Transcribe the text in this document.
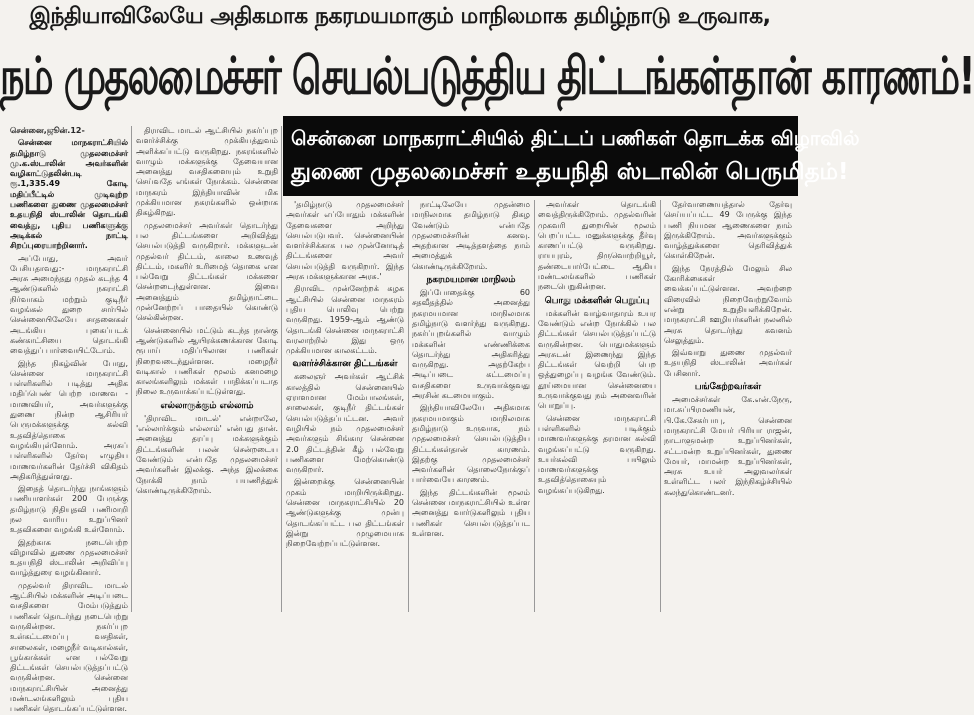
இந்தியாவிலேயே அதிகமாக நகரமயமாகும் மாநிலமாக தமிழ்நாடு உருவாக,
நம் முதலமைச்சர் செயல்படுத்திய திட்டங்கள்தான் காரணம்!
சென்னை மாநகராட்சியில் திட்டப் பணிகள் தொடக்க விழாவில்
துணை முதலமைச்சர் உதயநிதி ஸ்டாலின் பெருமிதம்!

சென்னை,ஜூன்.12-

சென்னை மாநகராட்சியில் தமிழ்நாடு முதலமைச்சர் மு.க.ஸ்டாலின் அவர்களின் வழிகாட்டுதலின்படி ரூ.1,335.49 கோடி மதிப்பீட்டில் முடிவுற்ற பணிகளை துணை முதலமைச்சர் உதயநிதி ஸ்டாலின் தொடங்கி வைத்து, புதிய பணிகளுக்கு அடிக்கல் நாட்டி சிறப்புரையாற்றினார்.

அப்போது, அவர் பேசியதாவது:- மாநகராட்சி அரசு அமைந்தது முதல் கடந்த 4 ஆண்டுகளில் நகராட்சி நிர்வாகம் மற்றும் குடிநீர் வழங்கல் துறை சார்பில் சென்னையிலேயே சாதனைகள் அடங்கிய புகைப்படக் கண்காட்சியை தொடங்கி வைத்துப் பார்வையிட்டோம்.

இந்த நிகழ்வின் போது, சென்னை மாநகராட்சி பள்ளிகளில் படித்து அதிக மதிப்பெண் பெற்ற மாணவ - மாணவியர், அவர்களுக்கு துணை நின்ற ஆசிரியர் பெருமக்களுக்கு கல்வி உதவித்தொகை வழங்கியுள்ளோம். அரசுப் பள்ளிகளில் தேர்வு எழுதிய மாணவர்களின் தேர்ச்சி விகிதம் அதிகரித்துள்ளது.

இதைத் தொடர்ந்து நாங்களும் பணியாளர்கள் 200 பேருக்கு தமிழ்நாடு நிதியுதவி பணிமாறி நல வாரிய உறுப்பினர் உதவிகளை வழங்கி உள்ளோம்.

இதற்காக நடைபெற்ற விழாவில் துணை முதலமைச்சர் உதயநிதி ஸ்டாலின் அறிவிப்பு வாழ்த்துரை வழங்கினார்.

முதல்வர் திராவிட மாடல் ஆட்சியில் மக்களின் அடிப்படை வசதிகளை மேம்படுத்தும் பணிகள் தொடர்ந்து நடைபெற்று வருகின்றன. நகர்ப்புற உள்கட்டமைப்பு வசதிகள், சாலைகள், மழைநீர் வடிகால்கள், பூங்காக்கள் என பல்வேறு திட்டங்கள் செயல்படுத்தப்பட்டு வருகின்றன. சென்னை மாநகராட்சியின் அனைத்து மண்டலங்களிலும் புதிய பணிகள் தொடங்கப்பட்டுள்ளன.

திராவிட மாடல் ஆட்சியில் நகர்ப்புற வளர்ச்சிக்கு முக்கியத்துவம் அளிக்கப்பட்டு வருகிறது. நகரங்களில் வாழும் மக்களுக்கு தேவையான அனைத்து வசதிகளையும் உறுதி செய்வதே எங்கள் நோக்கம். சென்னை மாநகரம் இந்தியாவின் மிக முக்கியமான நகரங்களில் ஒன்றாக திகழ்கிறது.

முதலமைச்சர் அவர்கள் தொடர்ந்து பல திட்டங்களை அறிவித்து செயல்படுத்தி வருகிறார். மக்களுடன் முதல்வர் திட்டம், காலை உணவுத் திட்டம், மகளிர் உரிமைத் தொகை என பல்வேறு திட்டங்கள் மக்களை சென்றடைந்துள்ளன. இவை அனைத்தும் தமிழ்நாட்டை முன்னேற்றப் பாதையில் கொண்டு செல்கின்றன.

சென்னையில் மட்டும் கடந்த நான்கு ஆண்டுகளில் ஆயிரக்கணக்கான கோடி ரூபாய் மதிப்பிலான பணிகள் நிறைவடைந்துள்ளன. மழைநீர் வடிகால் பணிகள் மூலம் கனமழை காலங்களிலும் மக்கள் பாதிக்கப்படாத நிலை உருவாக்கப்பட்டுள்ளது.

எல்லாருக்கும் எல்லாம்

'திராவிட மாடல்' என்றாலே, 'எல்லார்க்கும் எல்லாம்' என்பது தான். அனைத்து தரப்பு மக்களுக்கும் திட்டங்களின் பலன் சென்றடைய வேண்டும் என்பதே முதலமைச்சர் அவர்களின் இலக்கு. அந்த இலக்கை நோக்கி நாம் பயணித்துக் கொண்டிருக்கிறோம்.

'தமிழ்நாடு முதலமைச்சர் அவர்கள் எப்போதும் மக்களின் தேவைகளை அறிந்து செயல்படுபவர். சென்னையின் வளர்ச்சிக்காக பல முன்னோடித் திட்டங்களை அவர் செயல்படுத்தி வருகிறார். இந்த அரசு மக்களுக்கான அரசு.'

திராவிட முன்னேற்றக் கழக ஆட்சியில் சென்னை மாநகரம் புதிய பொலிவு பெற்று வருகிறது. 1959-ஆம் ஆண்டு தொடங்கி சென்னை மாநகராட்சி வரலாற்றில் இது ஒரு முக்கியமான காலகட்டம்.

வளர்ச்சிக்கான திட்டங்கள்

கலைஞர் அவர்கள் ஆட்சிக் காலத்தில் சென்னையில் ஏராளமான மேம்பாலங்கள், சாலைகள், குடிநீர் திட்டங்கள் செயல்படுத்தப்பட்டன. அவர் வழியில் நம் முதலமைச்சர் அவர்களும் சிங்கார சென்னை 2.0 திட்டத்தின் கீழ் பல்வேறு பணிகளை மேற்கொண்டு வருகிறார்.

இன்றைக்கு சென்னையின் முகம் மாறியிருக்கிறது. சென்னை மாநகராட்சியில் 20 ஆண்டுகளுக்கு முன்பு தொடங்கப்பட்ட பல திட்டங்கள் இன்று முழுமையாக நிறைவேற்றப்பட்டுள்ளன.

நாட்டிலேயே முதன்மை மாநிலமாக தமிழ்நாடு திகழ வேண்டும் என்பதே முதலமைச்சரின் கனவு. அதற்கான அடித்தளத்தை நாம் அமைத்துக் கொண்டிருக்கிறோம்.

நகரமயமான மாநிலம்

இப்போதைக்கு 60 சதவீதத்தில் அனைத்து நகரமயமான மாநிலமாக தமிழ்நாடு வளர்ந்து வருகிறது. நகர்ப்புறங்களில் வாழும் மக்களின் எண்ணிக்கை தொடர்ந்து அதிகரித்து வருகிறது. அதற்கேற்ப அடிப்படை கட்டமைப்பு வசதிகளை உருவாக்குவது அரசின் கடமையாகும்.

இந்தியாவிலேயே அதிகமாக நகரமயமாகும் மாநிலமாக தமிழ்நாடு உருவாக, நம் முதலமைச்சர் செயல்படுத்திய திட்டங்கள்தான் காரணம். இதற்கு முதலமைச்சர் அவர்களின் தொலைநோக்குப் பார்வையே காரணம்.

இந்த திட்டங்களின் மூலம் சென்னை மாநகராட்சியில் உள்ள அனைத்து வார்டுகளிலும் புதிய பணிகள் செயல்படுத்தப்பட உள்ளன.

அவர்கள் தொடங்கி வைத்திருக்கிறோம். முதல்வரின் முகவரி துறையின் மூலம் பெறப்பட்ட மனுக்களுக்கு தீர்வு காணப்பட்டு வருகிறது. ராயபுரம், திருவொற்றியூர், தண்டையார்பேட்டை ஆகிய மண்டலங்களில் பணிகள் நடைபெறுகின்றன.

பொது மக்களின் பெறுப்பு

மக்களின் வாழ்வாதாரம் உயர வேண்டும் என்ற நோக்கில் பல திட்டங்கள் செயல்படுத்தப்பட்டு வருகின்றன. பொதுமக்களும் அரசுடன் இணைந்து இந்த திட்டங்கள் வெற்றி பெற ஒத்துழைப்பு வழங்க வேண்டும். தூய்மையான சென்னையை உருவாக்குவது நம் அனைவரின் பொறுப்பு.

சென்னை மாநகராட்சி பள்ளிகளில் படிக்கும் மாணவர்களுக்கு தரமான கல்வி வழங்கப்பட்டு வருகிறது. உயர்கல்வி பயிலும் மாணவர்களுக்கு உதவித்தொகையும் வழங்கப்படுகிறது.

தேர்வாணையத்தால் தேர்வு செய்யப்பட்ட 49 பேருக்கு இந்த பணி நியமன ஆணைகளை நாம் இருக்கிறோம். அவர்களுக்கும் வாழ்த்துக்களை தெரிவித்துக் கொள்கிறேன்.

இந்த நேரத்தில் மேலும் சில கோரிக்கைகள் வைக்கப்பட்டுள்ளன. அவற்றை விரைவில் நிறைவேற்றுவோம் என்று உறுதியளிக்கிறேன். மாநகராட்சி ஊழியர்களின் நலனில் அரசு தொடர்ந்து கவனம் செலுத்தும்.

இவ்வாறு துணை முதல்வர் உதயநிதி ஸ்டாலின் அவர்கள் பேசினார்.

பங்கேற்றவர்கள்

அமைச்சர்கள் கே.என்.நேரு, மா.சுப்பிரமணியன், பி.கே.சேகர்பாபு, சென்னை மாநகராட்சி மேயர் பிரியா ராஜன், நாடாளுமன்ற உறுப்பினர்கள், சட்டமன்ற உறுப்பினர்கள், துணை மேயர், மாமன்ற உறுப்பினர்கள், அரசு உயர் அலுவலர்கள் உள்ளிட்ட பலர் இந்நிகழ்ச்சியில் கலந்துகொண்டனர்.
